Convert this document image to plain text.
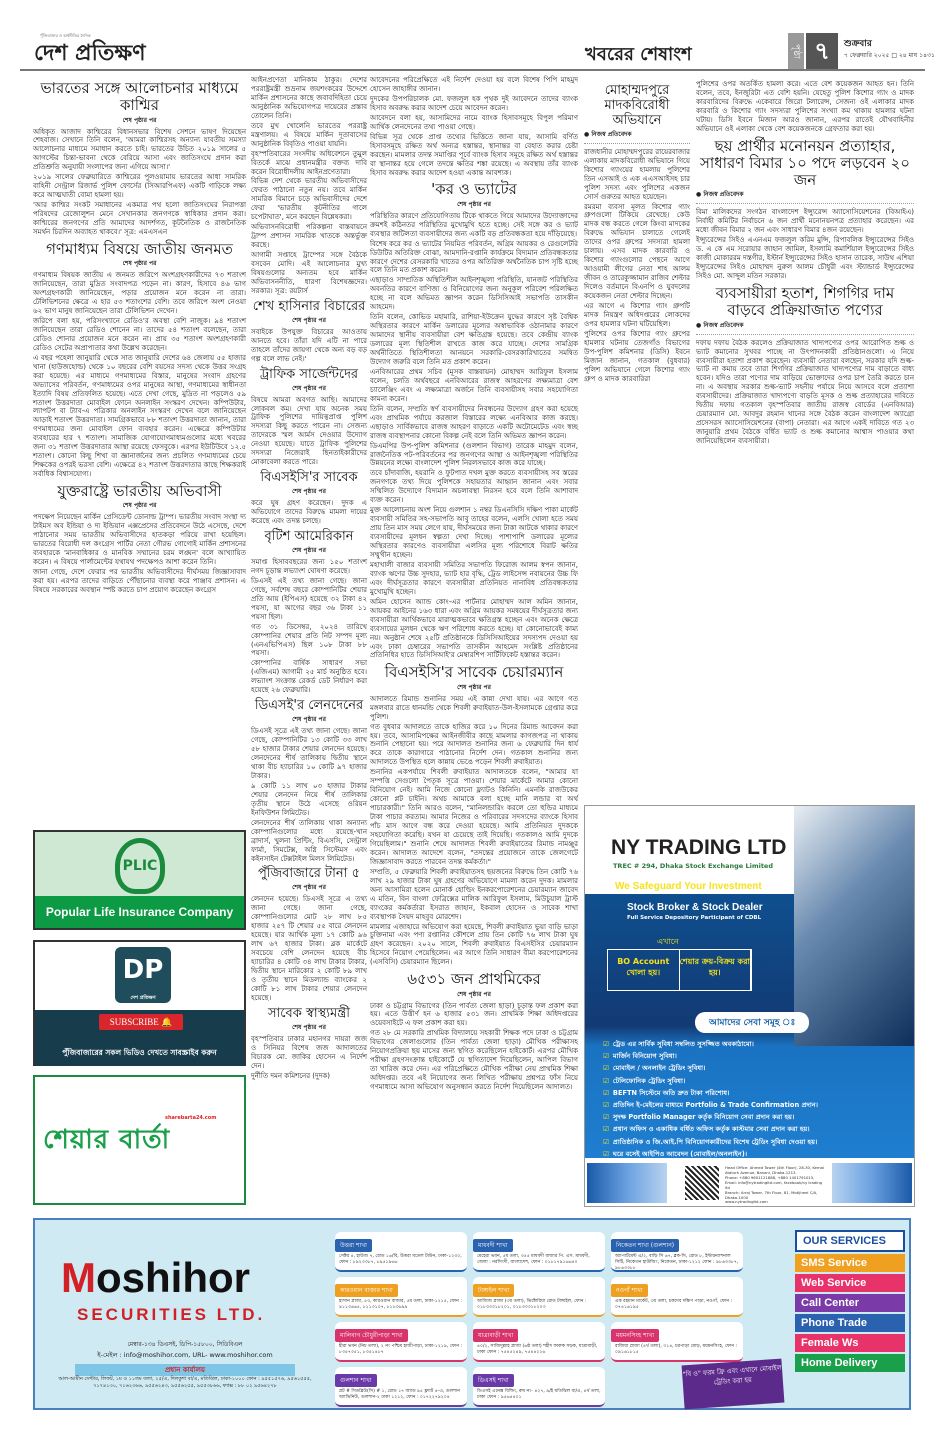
পুঁজিবাজার ও অর্থনীতির দৈনিক
দেশ প্রতিক্ষণ	খবরের শেষাংশ	পৃষ্ঠা ৭	শুক্রবার
৭ ফেব্রুয়ারি ২০২৫ □ ২৪ মাঘ ১৪৩১
ভারতের সঙ্গে আলোচনার মাধ্যমে কাশ্মির
শেষ পৃষ্ঠার পর

অধিকৃত আজাদ কাশ্মিরের বিধানসভার বিশেষ সেশনে ভাষণ দিয়েছেন শেহবাজ। সেখানে তিনি বলেন, 'আমরা কাশ্মিরসহ অন্যান্য যাবতীয় সমস্যা আলোচনার মাধ্যমে সমাধান করতে চাই। ভারতের উচিত ২০১৯ সালের ৫ আগস্টের চিন্তা-ভাবনা থেকে বেরিয়ে আসা এবং জাতিসংঘে প্রদান করা প্রতিশ্রুতি অনুযায়ী সংলাপের জন্য এগিয়ে আসা।'

২০১৯ সালের ফেব্রুয়ারিতে কাশ্মিরের পুলওয়ামায় ভারতের আধা সামরিক বাহিনী সেন্ট্রাল রিজার্ভ পুলিশ ফোর্সের (সিআরপিএফ) একটি গাড়িকে লক্ষ্য করে আত্মঘাতী বোমা হামলা হয়।

'আর কাশ্মির সংকট সমাধানের একমাত্র পথ হলো জাতিসংঘের নিরাপত্তা পরিষদের রেজোলুশন মেনে সেখানকার জনগণকে স্বাধিকার প্রদান করা। কাশ্মিরের জনগণের প্রতি আমাদের আদর্শগত, কূটনৈতিক ও রাজনৈতিক সমর্থন চিরদিন অব্যাহত থাকবে।' সূত্র: এমএসএন

গণমাধ্যম বিষয়ে জাতীয় জনমত
শেষ পৃষ্ঠার পর

গণমাধ্যম বিষয়ক জাতীয় এ জনমত জরিপে অংশগ্রহণকারীদের ৭৩ শতাংশ জানিয়েছেন, তারা মুদ্রিত সংবাদপত্র পড়েন না। কারণ, হিসাবে ৪৬ ভাগ অংশগ্রহণকারী জানিয়েছেন, পড়ার প্রয়োজন মনে করেন না তারা। টেলিভিশনের ক্ষেত্রে এ হার ৫৩ শতাংশের বেশি। তবে জরিপে অংশ নেওয়া ৬২ ভাগ মানুষ জানিয়েছেন তারা টেলিভিশন দেখেন।

জরিপে বলা হয়, পরিসংখ্যানে রেডিও'র অবস্থা বেশি নাজুক। ৯৪ শতাংশ জানিয়েছেন তারা রেডিও শোনেন না। তাদের ৫৪ শতাংশ বলেছেন, তারা রেডিও শোনার প্রয়োজন মনে করেন না। প্রায় ৩৫ শতাংশ অংশগ্রহণকারী রেডিও সেটের অপ্রাপ্যতার কথা উল্লেখ করেছেন।

এ বছর পহেলা জানুয়ারি থেকে সাত জানুয়ারি দেশের ৬৪ জেলায় ৫৫ হাজার খানা (হাউজহোল্ড) থেকে ১০ বছরের বেশি বয়সের সদস্য থেকে উত্তর সংগ্রহ করা হয়েছে। এর মাধ্যমে গণমাধ্যমের বিস্তার, মানুষের সংবাদ গ্রহণের অভ্যাসের পরিবর্তন, গণমাধ্যমের ওপর মানুষের আস্থা, গণমাধ্যমের স্বাধীনতা ইত্যাদি বিষয় প্রতিফলিত হয়েছে। এতে দেখা গেছে, মুদ্রিত না পড়লেও ৫৯ শতাংশ উত্তরদাতা মোবাইল ফোনে অনলাইন সংস্করণ দেখেন। কম্পিউটার, ল্যাপটপ বা ট্যাব-এ পত্রিকার অনলাইন সংস্করণ দেখেন বলে জানিয়েছেন আড়াই শতাংশ উত্তরদাতা। সামগ্রিকভাবে ৮৮ শতাংশ উত্তরদাতা জানান, তারা গণমাধ্যমের জন্য মোবাইল ফোন ব্যবহার করেন। এক্ষেত্রে কম্পিউটার ব্যবহারের হার ৭ শতাংশ। সামাজিক যোগাযোগমাধ্যমগুলোর মধ্যে খবরের জন্য ৩১ শতাংশ উত্তরদাতার আস্থা রয়েছে ফেসবুকে। এরপর ইউটিউবে ১২.৫ শতাংশ। কোনো কিছু শিখা বা জ্ঞানার্জনের জন্য প্রচলিত গণমাধ্যমের চেয়ে শিক্ষকের ওপরই ভরসা বেশি। এক্ষেত্রে ৪২ শতাংশ উত্তরদাতার কাছে শিক্ষকরাই সর্বাধিক বিশ্বাসযোগ্য।

যুক্তরাষ্ট্রে ভারতীয় অভিবাসী
শেষ পৃষ্ঠার পর

পদক্ষেপ নিয়েছেন মার্কিন প্রেসিডেন্ট ডোনাল্ড ট্রাম্প। ভারতীয় সংবাদ সংস্থা দ্য টাইমস অব ইন্ডিয়া ও দ্য ইন্ডিয়ান এক্সপ্রেসের প্রতিবেদনে উঠে এসেছে, দেশে পাঠানোর সময় ভারতীয় অভিবাসীদের হাতকড়া পরিয়ে রাখা হয়েছিল। ভারতের বিরোধী দল কংগ্রেস পার্টির নেতা গৌরভ গোগোই মার্কিন প্রশাসনের ব্যবহারকে 'মানবাধিকার ও মানবিক সম্মানের চরম লঙ্ঘন' বলে আখ্যায়িত করেন। এ বিষয়ে পার্লামেন্টের যথাযথ পদক্ষেপও আশা করেন তিনি।

জানা গেছে, দেশে ফেরার পর ভারতীয় অভিবাসীদের দীর্ঘসময় জিজ্ঞাসাবাদ করা হয়। এরপর তাদের বাড়িতে পৌঁছানোর ব্যবস্থা করে পাঞ্জাব প্রশাসন। এ বিষয়ে সরকারের অবস্থান স্পষ্ট করতে চাপ প্রয়োগ করেছেন কংগ্রেস

আইনপ্রণেতা মানিকাম ঠাকুর। দেশের পররাষ্ট্রমন্ত্রী শুভ্রনাম জয়শংকরের উদ্দেশে মার্কিন প্রশাসনের কাছে জবাবদিহিতা চেয়ে আনুষ্ঠানিক অভিযোগপত্র দায়েরের প্রস্তাব তোলেন তিনি।

তবে মুখ খোলেনি ভারতের পররাষ্ট্র মন্ত্রণালয়। এ বিষয়ে মার্কিন দূতাবাসের আনুষ্ঠানিক বিবৃতিও পাওয়া যায়নি।

বৃহস্পতিবারের সংসদীয় অধিবেশনে তুমুল বিতর্কে মাঝে প্রধানমন্ত্রীর বক্তব্য দাবি করেন বিরোধীদলীয় আইনপ্রণেতারা।

বিভিন্ন দেশ থেকে ভারতীয় অভিবাসীদের ফেরত পাঠানো নতুন নয়। তবে মার্কিন সামরিক বিমানে চড়ে অভিবাসীদের দেশে ফেরা 'ভারতীয় কূটনীতির গালে চপেটাঘাত', মনে করছেন বিশ্লেষকরা।

অভিবাসনবিরোধী পরিকল্পনা বাস্তবায়নে ট্রাম্প প্রশাসন সামরিক খাতকে অন্তর্ভুক্ত করছে।

আগামী সপ্তাহে ট্রাম্পের সঙ্গে বৈঠকে বসবেন মোদি। এই আলোচনার মুখ্য বিষয়গুলোর অন্যতম হবে মার্কিন অভিবাসননীতি, ধারণা বিশেষজ্ঞদের। সরকার। সূত্র: রয়টার্স

শেখ হাসিনার বিচারের
শেষ পৃষ্ঠার পর

সবাইকে উপযুক্ত বিচারের আওতায় আনতে হবে। তাঁরা যদি এটি না পারে তাহলে তাঁদের জায়গা থেকে অন্য বড় বড় গল্প বলে লাভ নেই।'

ট্রাফিক সার্জেন্টদের
শেষ পৃষ্ঠার পর

বিষয়ে আমরা অবগত আছি। আমাদের লোকবল কম। দেখা যায় অনেক সময় ট্রাফিক পুলিশের দায়িত্বপ্রাপ্ত পুলিশ সদস্যরা কিছু করতে পারেন না। সেজন্য তাদেরকে স্মল আর্মস দেওয়ার উদ্যোগ নেওয়া হয়েছে। যাতে ট্রাফিক পুলিশের সদস্যরা নিজেরাই ছিনতাইকারীদের মোকাবেলা করতে পারে।

বিএসইসি'র সাবেক
শেষ পৃষ্ঠার পর

করে ঘুষ গ্রহণ করেছেন। দুদক এ অভিযোগে তাদের বিরুদ্ধে মামলা দায়ের করেছে এবং তদন্ত চলছে।

বৃটিশ আমেরিকান
শেষ পৃষ্ঠার পর

সমাপ্ত হিসাববছরের জন্য ১৫০ শতাংশ নগদ চূড়ান্ত লভ্যাংশ ঘোষণা করেছে।

ডিএসই এই তথ্য জানা গেছে। জানা গেছে, সর্বশেষ বছরে কোম্পানিটির শেয়ার প্রতি আয় (ইপিএস) হয়েছে ৩২ টাকা ৪২ পয়সা, যা আগের বছর ৩৬ টাকা ১১ পয়সা ছিল।

গত ৩১ ডিসেম্বর, ২০২৪ তারিখে কোম্পানির শেয়ার প্রতি নিট সম্পদ মূল্য (এনএভিপিএস) ছিল ১০৮ টাকা ৮৮ পয়সা।

কোম্পানির বার্ষিক সাধারণ সভা (এজিএম) আগামী ২৫ মার্চ অনুষ্ঠিত হবে। লভ্যাংশ সংক্রান্ত রেকর্ড ডেট নির্ধারণ করা হয়েছে ২৬ ফেব্রুয়ারি।

ডিএসই'র লেনদেনের
শেষ পৃষ্ঠার পর

ডিএসই সূত্রে এই তথ্য জানা গেছে। জানা গেছে, কোম্পানিটির ১৩ কোটি ৩৩ লাখ ৫৮ হাজার টাকার শেয়ার লেনদেন হয়েছে। লেনদেনের শীর্ষ তালিকায় দ্বিতীয় স্থানে থাকা বীচ হ্যাচারির ১০ কোটি ৯৭ হাজার টাকার।

৯ কোটি ১১ লাখ ০৩ হাজার টাকার শেয়ার লেনদেন নিয়ে শীর্ষ তালিকার তৃতীয় স্থানে উঠে এসেছে ওরিয়ন ইনফিউশন লিমিটেড।

লেনদেনের শীর্ষ তালিকায় থাকা অন্যান্য কোম্পানিগুলোর মধ্যে রয়েছে-খান ব্রাদার্স, খুলনা প্রিন্টিং, বিএসসি, সেন্ট্রাল ফার্মা, সিমটেক্স, অগ্নি সিস্টেমস এবং কইনসাইন টেক্সটাইল মিলস লিমিটেড।

পুঁজিবাজারে টানা ৫
শেষ পৃষ্ঠার পর

লেনদেন হয়েছে। ডিএসই সূত্রে এ তথ্য জানা গেছে। জানা গেছে, কোম্পানিগুলোর মোট ২৮ লাখ ৮৫ হাজার ২৫৭ টি শেয়ার ৫৫ বারে লেনদেন হয়েছে। যার আর্থিক মূল্য ১৭ কোটি ৯৬ লাখ ৬৭ হাজার টাকা। ব্লক মার্কেটে সবচেয়ে বেশি লেনদেন হয়েছে বীচ হ্যাচারির ৪ কোটি ৩৪ লাখ টাকার টাকার, দ্বিতীয় স্থানে মারিকোর ২ কোটি ৮৯ লাখ ও তৃতীয় স্থানে মিডল্যান্ড ব্যাংকের ২ কোটি ৮১ লাখ টাকার শেয়ার লেনদেন হয়েছে।

সাবেক স্বাস্থ্যমন্ত্রী
শেষ পৃষ্ঠার পর

বৃহস্পতিবার ঢাকার মহানগর দায়রা জজ ও সিনিয়র বিশেষ জজ আদালতের বিচারক মো. জাকির হোসেন এ নির্দেশ দেন।

দুর্নীতি দমন কমিশনের (দুদক)

আবেদনের পরিপ্রেক্ষিতে এই নির্দেশ দেওয়া হয় বলে বিশেষ পিপি মাহমুদ হোসেন জাহাঙ্গীর জানান।

দুদকের উপপরিচালক মো. ফজলুল হক পৃথক দুই আবেদনে তাদের ব্যাংক হিসাব অবরুদ্ধ করার আদেশ চেয়ে আবেদন করেন।

আবেদনে বলা হয়, আসামিদের নামে ব্যাংক হিসাবসমূহে বিপুল পরিমাণ আর্থিক লেনদেনের তথ্য পাওয়া গেছে।

বিভিন্ন সূত্র থেকে প্রাপ্ত তথ্যের ভিত্তিতে জানা যায়, আসামি বর্ণিত হিসাবসমূহে রক্ষিত অর্থ অন্যত্র হস্তান্তর, স্থানান্তর বা বেহাত করার চেষ্টা করছেন। মামলার তদন্ত সমাপ্তির পূর্বে ব্যাংক হিসাব সমূহে রক্ষিত অর্থ হস্তান্তর বা স্থানান্তর হয়ে গেলে তদন্তে ক্ষতির শঙ্কা রয়েছে। এ অবস্থায় তাঁর ব্যাংক হিসাব অবরুদ্ধ করার আদেশ হওয়া একান্ত আবশ্যক।

'কর ও ভ্যাটের
শেষ পৃষ্ঠার পর

পরিস্থিতির কারণে প্রতিযোগিতায় টিকে থাকতে গিয়ে আমাদের উদ্যোক্তাদের ক্রমশই কঠিনতর পরিস্থিতির মুখোমুখি হতে হচ্ছে। সেই সঙ্গে কর ও ভ্যাট ব্যবস্থার জটিলতা ব্যবসায়ীদের জন্য একটি বড় প্রতিবন্ধকতা হয়ে দাঁড়িয়েছে।

বিশেষ করে কর ও ভ্যাটের নিয়মিত পরিবর্তন, অগ্রিম আয়কর ও রেগুলেটরি ডিউটির অতিরিক্ত বোঝা, আমদানি-রপ্তানি কার্যক্রমে বিদ্যমান প্রতিবন্ধকতার কারণে দেশের বেসরকারি খাতের ওপর অতিরিক্ত অর্থনৈতিক চাপ সৃষ্টি হচ্ছে বলে তিনি মত প্রকাশ করেন।

এছাড়াও সাম্প্রতিক অস্থিতিশীল আইনশৃঙ্খলা পরিস্থিতি, যানজট পরিস্থিতির অবনতির কারণে বাণিজ্য ও বিনিয়োগের জন্য অনুকূল পরিবেশ পরিলক্ষিত হচ্ছে না বলে অভিমত জ্ঞাপন করেন ডিসিসিআই সভাপতি তাসকীন আহমেদ।

তিনি বলেন, কোভিড মহামারি, রাশিয়া-ইউক্রেন যুদ্ধের কারণে সৃষ্ট বৈশ্বিক অস্থিরতার কারণে মার্কিন ডলারের মূল্যের অস্বাভাবিক ওঠানামার কারণে আমাদের স্থানীয় ব্যবসায়ীরা বেশ ক্ষতিগ্রস্ত হয়েছে। তবে কেন্দ্রীয় ব্যাংক ডলারের মূল্য স্থিতিশীল রাখতে কাজ করে যাচ্ছে। দেশের সামগ্রিক অর্থনীতিতে স্থিতিশীলতা আনয়নে সরকারি-বেসরকারিখাতের সমন্বিত উদ্যোগ জরুরি বলে তিনি মত প্রকাশ করেন।

এনবিআরের প্রথম সচিব (মূসক বাস্তবায়ন) মোহাম্মদ আরিফুল ইসলাম বলেন, চলতি অর্থবছরে এনবিআরের রাজস্ব আহরণের লক্ষ্যমাত্রা বেশ চ্যালেঞ্জিং এবং এ লক্ষ্যমাত্রা অর্জনে তিনি ব্যবসায়ীসহ সবার সহযোগিতা কামনা করেন।

তিনি বলেন, সম্প্রতি স্বর্ণ ব্যবসায়ীদের নিবন্ধনের উদ্যোগ গ্রহণ করা হয়েছে এবং প্রাথমিক পর্যায়ে করজাল বিস্তারের লক্ষ্যে এনবিআর কাজ করছে। এছাড়াও সার্বিকভাবে রাজস্ব আহরণ বাড়াতে একটি অটোমেটেড এবং স্বচ্ছ রাজস্ব ব্যবস্থাপনার কোনো বিকল্প নেই বলে তিনি অভিমত জ্ঞাপন করেন।

ডিএমপির উপ-পুলিশ কমিশনার (গুলশান বিভাগ) তারেক মাহমুদ বলেন, রাজনৈতিক পট-পরিবর্তনের পর জনগণের আস্থা ও আইনশৃঙ্খলা পরিস্থিতির উন্নয়নের লক্ষ্যে বাংলাদেশ পুলিশ নিরলসভাবে কাজ করে যাচ্ছে।

তবে চাঁদাবাজি, হয়রানি ও ফুটপাত দখল মুক্ত করতে ব্যবসায়ীসহ সব স্তরের জনগণকে তথ্য দিয়ে পুলিশকে সহায়তার আহ্বান জানান এবং সবার সম্মিলিত উদ্যোগে বিদ্যমান অচলাবস্থা নিরসন হবে বলে তিনি আশাবাদ ব্যক্ত করেন।

মুক্ত আলোচনায় অংশ নিয়ে গুলশান ১ নম্বর ডিএনসিসি দক্ষিণ পাকা মার্কেট ব্যবসায়ী সমিতির সহ-সভাপতি আবু তাহের বলেন, এলসি খোলা হতে সময় প্রায় তিন মাস সময় লেগে যায়, দীর্ঘসময়ের জন্য টাকা আটকে থাকার কারণে ব্যবসায়ীদের মূলধন স্বল্পতা দেখা দিচ্ছে। পাশাপাশি ডলারের মূল্যের অস্থিরতার কারণেও ব্যবসায়ীরা এলসির মূল্য পরিশোধে বিরাট ক্ষতির সম্মুখীন হচ্ছেন।

মহাখালী বাজার ব্যবসায়ী সমিতির সভাপতি ফিরোজ আলম স্বপন জানান, ব্যাংক ঋণের উচ্চ সুদহার, ভ্যাট হার বৃদ্ধি, ট্রেড লাইসেন্স নবায়নের উচ্চ ফি এবং দীর্ঘসূত্রতার কারণে ব্যবসায়ীরা প্রতিনিয়ত নানাবিধ প্রতিবন্ধকতার মুখোমুখি হচ্ছেন।

অমিন হোসেন অ্যান্ড কোং-এর পার্টনার মোহাম্মদ আল অমিন জানান, আয়কর আইনের ১৬৩ ধারা এবং অগ্রিম আয়কর সমন্বয়ের দীর্ঘসূত্রতার জন্য ব্যবসায়ীরা আর্থিকভাবে মারাত্মকভাবে ক্ষতিগ্রস্ত হচ্ছেন এবং অনেক ক্ষেত্রে ব্যবসায়ের মূলধন থেকে ঋণ পরিশোধ করতে হচ্ছে। যা কোনোভাবেই কাম্য নয়। অনুষ্ঠান শেষে ২৫টি প্রতিষ্ঠানকে ডিসিসিআইয়ের সদস্যপদ দেওয়া হয় এবং ঢাকা চেম্বারের সভাপতি তাসকীন আহমেদ সংশ্লিষ্ট প্রতিষ্ঠানের প্রতিনিধির হাতে ডিসিসিআই'র মেম্বারশিপ সার্টিফিকেট হস্তান্তর করেন।

বিএসইসি'র সাবেক চেয়ারম্যান
শেষ পৃষ্ঠার পর

আদালতে রিমান্ড শুনানির সময় এই কান্না দেখা যায়। এর আগে গত মঙ্গলবার রাতে ধানমন্ডি থেকে শিবলী রুবাইয়াত-উল-ইসলামকে গ্রেপ্তার করে পুলিশ।

গত বুধবার আদালতে তাকে হাজির করে ১০ দিনের রিমান্ড আবেদন করা হয়। তবে, আসামিপক্ষের আইনজীবীর কাছে মামলার কাগজপত্র না থাকায় শুনানি পেছানো হয়। পরে আদালত শুনানির জন্য ৬ ফেব্রুয়ারি দিন ধার্য করে তাকে কারাগারে পাঠানোর নির্দেশ দেন। গতকাল শুনানির জন্য আদালতে উপস্থিত হলে কান্নায় ভেঙে পড়েন শিবলী রুবাইয়াত।

শুনানির একপর্যায়ে শিবলী রুবাইয়াত আদালতকে বলেন, "আমার যা সম্পত্তি সেগুলো পৈতৃক সূত্রে পাওয়া। শেয়ার মার্কেটে আমার কোনো বিনিয়োগ নেই। আমি নিজে কোনো ফ্ল্যাটও কিনিনি। এমনকি রাজউকের কোনো প্লট চাইনি। অথচ আমাকে বলা হচ্ছে মানি লন্ডার বা অর্থ পাচারকারী।" তিনি আরও বলেন, "মানিলন্ডারিং করলে তো হুন্ডির মাধ্যমে টাকা পাচার করতাম। আমার নিজের ও পরিবারের সদস্যদের ব্যাংকে হিসাব পাঁচ মাস আগে বন্ধ করে দেওয়া হয়েছে। আমি প্রতিনিয়ত দুদককে সহযোগিতা করেছি। যখন যা চেয়েছে তাই দিয়েছি। গতকালও আমি দুদকে গিয়েছিলাম।" শুনানি শেষে আদালত শিবলী রুবাইয়াতের রিমান্ড নামঞ্জুর করেন। আদালত আদেশে বলেন, "তদন্তের প্রয়োজনে তাকে জেলগেটে জিজ্ঞাসাবাদ করতে পারবেন তদন্ত কর্মকর্তা।"

সম্প্রতি, ৫ ফেব্রুয়ারি শিবলী রুবাইয়াতসহ ছয়জনের বিরুদ্ধে তিন কোটি ৭৬ লাখ ২৯ হাজার টাকা ঘুষ গ্রহণের অভিযোগে মামলা করেন দুদক। মামলার অন্য আসামিরা হলেন মোনার্ক হোল্ডিং ইনকরপোরেশনের চেয়ারম্যান জাবেদ এ মতিন, বিন বাংলা ফেব্রিক্সের মালিক আরিফুল ইসলাম, মিউচুয়াল ট্রাস্ট ব্যাংকের কর্মকর্তারা ইসরাত জাহান, ইকবাল হোসেন ও সাবেক শাখা ব্যবস্থাপক সৈয়দ মাহবুব মোরশেদ।

মামলার এজাহারে অভিযোগ করা হয়েছে, শিবলী রুবাইয়াত ভুয়া বাড়ি ভাড়া চুক্তিনামা এবং পণ্য রপ্তানির কৌশলে প্রায় তিন কোটি ৭৬ লাখ টাকা ঘুষ গ্রহণ করেছেন। ২০২০ সালে, শিবলী রুবাইয়াত বিএসইসির চেয়ারম্যান হিসেবে নিয়োগ পেয়েছিলেন। এর আগে তিনি সাধারণ বীমা করপোরেশনের (এসবিসি) চেয়ারম্যান ছিলেন।

৬৫৩১ জন প্রাথমিকের
শেষ পৃষ্ঠার পর

ঢাকা ও চট্টগ্রাম বিভাগের (তিন পার্বত্য জেলা ছাড়া) চূড়ান্ত ফল প্রকাশ করা হয়। এতে উত্তীর্ণ হন ৬ হাজার ৫৩১ জন। প্রাথমিক শিক্ষা অধিদপ্তরের ওয়েবসাইটে এ ফল প্রকাশ করা হয়।

গত ২৮ মে সরকারি প্রাথমিক বিদ্যালয়ে সহকারী শিক্ষক পদে ঢাকা ও চট্টগ্রাম বিভাগের জেলাগুলোর (তিন পার্বত্য জেলা ছাড়া) মৌখিক পরীক্ষাসহ নিয়োগপ্রক্রিয়া ছয় মাসের জন্য স্থগিত করেছিলেন হাইকোর্ট। এরপর মৌখিক পরীক্ষা গ্রহণসংক্রান্ত হাইকোর্টে যে স্থগিতাদেশ দিয়েছিলেন, আপিল বিভাগ তা খারিজ করে দেন। এর পরিপ্রেক্ষিতে মৌখিক পরীক্ষা নেয় প্রাথমিক শিক্ষা অধিদপ্তর। তবে এই নিয়োগের জন্য লিখিত পরীক্ষায় প্রশ্নপত্র ফাঁস নিয়ে গণমাধ্যমে আসা অভিযোগ অনুসন্ধান করতে নির্দেশ দিয়েছিলেন আদালত।

মোহাম্মদপুরে মাদকবিরোধী অভিযানে
● নিজস্ব প্রতিবেদক

রাজধানীর মোহাম্মদপুরের রায়েরবাজার এলাকায় মাদকবিরোধী অভিযানে গিয়ে কিশোর গ্যাংয়ের হামলায় পুলিশের তিন এসআই ও এক এএসআইসহ চার পুলিশ সদস্য এবং পুলিশের একজন সোর্স গুরুতর আহত হয়েছেন।

রমরমা ব্যবসা মূলত কিশোর গ্যাং গ্রুপগুলো টিকিয়ে রেখেছে। কেউ মাদক বন্ধ করতে গেলে কিংবা মাদকের বিরুদ্ধে অভিযান চালাতে গেলেই তাদের ওপর গ্রুপের সদস্যরা হামলা চালায়। এসব মাদক কারবারি ও কিশোর গ্যাংগুলোর পেছনে আগে আওয়ামী লীগের নেতা শাহ আলম জীবন ও তারেকুজ্জামান রাজিব শেল্টার দিলেও বর্তমানে বিএনপি ও যুবদলের কয়েকজন নেতা শেল্টার দিচ্ছেন।

এর আগে এ কিশোর গ্যাং গ্রুপটি মাদক নিয়ন্ত্রণ অধিদপ্তরের লোকদের ওপর হামলার ঘটনা ঘটিয়েছিল।

পুলিশের ওপর কিশোর গ্যাং গ্রুপের হামলার ঘটনায় তেজগাঁও বিভাগের উপ-পুলিশ কমিশনার (ডিসি) ইবনে মিজান জানান, গতকাল (বুধবার) পুলিশ অভিযানে গেলে কিশোর গ্যাং গ্রুপ ও মাদক কারবারিরা

পুলিশের ওপর অতর্কিত হামলা করে। এতে বেশ কয়েকজন আহত হন। তিনি বলেন, তবে, ইনজুরিটা এত বেশি হয়নি। যেহেতু পুলিশ কিশোর গ্যাং ও মাদক কারবারিদের বিরুদ্ধে একেবারে জিরো টলারেন্স, সেজন্য ওই এলাকার মাদক কারবারি ও কিশোর গ্যাং সদস্যরা পুলিশের সংখ্যা কম থাকায় হামলার ঘটনা ঘটায়। ডিসি ইবনে মিজান আরও জানান, এরপর রাতেই যৌথবাহিনীর অভিযানে ওই এলাকা থেকে বেশ কয়েকজনকে গ্রেফতার করা হয়।

ছয় প্রার্থীর মনোনয়ন প্রত্যাহার, সাধারণ বিমার ১০ পদে লড়বেন ২০ জন
● নিজস্ব প্রতিবেদক

বিমা মালিকদের সংগঠন বাংলাদেশ ইন্স্যুরেন্স অ্যাসোসিয়েশনের (বিআইএ) নির্বাহী কমিটির নির্বাচনে ৬ জন প্রার্থী মনোনয়নপত্র প্রত্যাহার করেছেন। এর মধ্যে জীবন বিমার ২ জন এবং সাধারণ বিমার ৪জন রয়েছেন।

ইন্স্যুরেন্সের সিইও এএনএম ফজলুল করিম মুন্সি, রিপাবলিক ইন্স্যুরেন্সের সিইও ড. এ কে এম সরোয়ার জাহান জামিল, ইসলামি কমার্শিয়াল ইন্স্যুরেন্সের সিইও কাজী মোকাররম দস্তগীর, ইস্টার্ন ইন্স্যুরেন্সের সিইও হাসান তারেক, সাউথ এশিয়া ইন্স্যুরেন্সের সিইও মোহাম্মদ নুরুল আলম চৌধুরী এবং স্ট্যান্ডার্ড ইন্স্যুরেন্সের সিইও মো. আব্দুল মতিন সরকার।

ব্যবসায়ীরা হতাশ, শিগগির দাম বাড়বে প্রক্রিয়াজাত পণ্যের
● নিজস্ব প্রতিবেদক

দফায় দফায় বৈঠক করলেও প্রক্রিয়াজাত খাদ্যপণ্যের ওপর আরোপিত শুল্ক ও ভ্যাট কমানোর সুখবর পাচ্ছে না উৎপাদনকারী প্রতিষ্ঠানগুলো। এ নিয়ে ব্যবসায়ীরা হতাশা প্রকাশ করেছেন। ব্যবসায়ী নেতারা বলছেন, সরকার যদি শুল্ক-ভ্যাট না কমায় তবে তারা শিগগির প্রক্রিয়াজাত খাদ্যপণ্যের দাম বাড়াতে বাধ্য হবেন। যদিও তারা পণ্যের দাম বাড়িয়ে ভোক্তাদের ওপর চাপ তৈরি করতে চান না। এ অবস্থায় সরকার শুল্ক-ভ্যাট সহনীয় পর্যায়ে নিয়ে আসবে বলে প্রত্যাশা ব্যবসায়ীদের। প্রক্রিয়াজাত খাদ্যপণ্যে বাড়তি মূসক ও শুল্ক প্রত্যাহারের দাবিতে দ্বিতীয় দফায় গতকাল বৃহস্পতিবার জাতীয় রাজস্ব বোর্ডের (এনবিআর) চেয়ারম্যান মো. আবদুর রহমান খানের সঙ্গে বৈঠক করেন বাংলাদেশ অ্যাগ্রো প্রসেসরস অ্যাসোসিয়েশনের (বাপা) নেতারা। এর আগে একই দাবিতে গত ২৩ জানুয়ারি প্রথম বৈঠকে বর্ধিত ভ্যাট ও শুল্ক কমানোর আশ্বাস পাওয়ার কথা জানিয়েছিলেন ব্যবসায়ীরা।

PLIC
Popular Life Insurance Company
DP
দেশ প্রতিক্ষণ
SUBSCRIBE 🔔
পুঁজিবাজারের সকল ভিডিও দেখতে সাবস্ক্রাইব করুন
sharebarta24.com
শেয়ার বার্তা
NY TRADING LTD
TREC # 294, Dhaka Stock Exchange Limited
We Safeguard Your Investment
Stock Broker & Stock Dealer
Full Service Depository Participant of CDBL
এখানে
BO Account খোলা হয়।
শেয়ার ক্রয়-বিক্রয় করা হয়।
আমাদের সেবা সমূহ ঃ
☑ ট্রেড এর সার্বিক সুবিধা সম্বলিত সুসজ্জিত অবকাঠামো।
☑ মার্জিন বিনিয়োগ সুবিধা।
☑ মোবাইল / অনলাইন ট্রেডিং সুবিধা।
☑ টেলিফোনিক ট্রেডিং সুবিধা।
☑ BEFTN সিস্টেমে অতি দ্রুত টাকা পরিশোধ।
☑ প্রতিদিন ই-মেইলের মাধ্যমে Portfolio & Trade Confirmation প্রদান।
☑ সুদক্ষ Portfolio Manager কর্তৃক বিনিয়োগ সেবা প্রদান করা হয়।
☑ প্রধান অফিস ও একাধিক বর্ধিত অফিস কর্তৃক কাস্টমার সেবা প্রদান করা হয়।
☑ প্রাতিষ্ঠানিক ও জি.আই.পি বিনিয়োগকারীদের বিশেষ ট্রেডিং সুবিধা দেওয়া হয়।
☑ ঘরে বসেই আইপিও আবেদন (মোবাইল/অনলাইন)।
Head Office: Ahmed Tower (4th Floor), 28-30, Kemal Ataturk Avenue, Banani, Dhaka-1213.
Phone: +880 9601121888, +880 1401791015,
Email: info@nytradingltd.com, facebook/ny trading ltd
Branch: Arraj Tower, 7th Floor, 81, Motijheel C/A, Dhaka-1000
www.nytradingltd.com
Moshihor
SECURITIES LTD.
মেম্বার-১৩৪ ডিএসই, ডিপি-১৫৮০০, সিডিবিএল
ই-মেইল : info@moshihor.com, URL- www.moshihor.com
প্রধান কার্যালয়
আল-আমীন সেন্টার, লিফট, ১ম ও ১১তম তলা, ২৫/এ, দিলকুশা বা/এ, মতিঝিল, ঢাকা-১০০০ ফোন : ৯৫৫১৫৭৬, ৯৫৬১৫৫৫, ৭১৭৪১৩০, ৭১৬২৩৬৬, ৯৫৫৬২৪৩, ৯৫৫৬২৫৫, ৯৫৫৩৮৬৬, ফ্যাক্স : ৮৮ ০২ ৯৫৬৪২৭৮
উত্তরা শাখা
সেক্টর ৪, হাউজ ৭, রোড ১৬/বি, উত্তরা মডেল টাউন, ঢাকা-১২৩০, ফোন : ৮৯২৩৩৮৭, ৮৯৫১৯৬৬
কারওয়ান বাজার শাখা
হাসান প্লাজা, ৫৩, কারওয়ান বাজার, ৫ম তলা, ঢাকা-১২১৫, ফোন : ৯১১৩৬৬৫, ৮১১৩১০৭, ৮১৮৩৬৯৯
মালিবাগ চৌধুরীপাড়া শাখা
হীরা ভবন (নিচ তলা), ২ নং পশ্চিম হাজীপাড়া, ঢাকা-১২১৯, ফোন : ৮৩৫৭৩৫১, ৮৩৫১৪৮৭
গুলশান শাখা
প্লট # সিডব্লিউ(সি) # ১, রোড ১৭ অ্যাড ৯৫ ফ্ল্যাট ৪-এ, গুলশান অ্যাভিনিউ, গুলশান-২ ঢাকা ১২১২, ফোন : ০১৭২২৭৯২০৪
মাধবদী শাখা
মেহেরা ভবন, ৫ম তলা, ৩৫৫ মাধবদী বাজার পি. এস. মাধবদী, জেলা : নরসিংদী, বাংলাদেশ, ফোন : ০১৮১৭৯১৬৬৪০
টাঙ্গাইল শাখা
আজিজ প্লাজা (৩য় তলা), ভিক্টোরিয়া রোড টাঙ্গাইল, ফোন : ০১৮৩৩৩১৮২০১, ০১৮৩৩৩১৮২০৩
যাত্রাবাড়ী শাখা
৪০/২, সাজিদুল্লাহ প্লাজা (৬ষ্ঠ তলা) শহীদ ফারুক সড়ক, যাত্রাবাড়ী, ঢাকা ফোন : ৭৫৪৫২৪৯, ৭৫৪৪২২৬
ডিএসই শাখা
ডিএসই এনেক্স বিল্ডিং, রুম নং- ৪২৭, ৯/ই মতিঝিল বা/এ, ৪র্থ তলা, ঢাকা ফোন : ৯৫৬৪৪০১
নিকেতন শাখা (গুলশান)
অ্যাপার্টমেন্ট এ/২, বাড়ি সি ৬৭, ব্লক-সি, রোড ৮, ইন্টারন্যাশনাল সিটি, নিকেতন হাউজিং, নিকেতন, ঢাকা-১২১২ ফোন : ৯৮৬৩৩৮৭, ৯৮৬৩৩৮৮
নওগাঁ শাখা
এক রহমান মার্কেট, ৩য় তলা, চকদেব দক্ষিণ পাড়া, নওগাঁ, ফোন : ০৭৪১৬১৯৫
ময়মনসিংহ শাখা
রাজিয়া প্লাজা (৪র্থ তলা), ৩১৪, চরপাড়া মোড়, ময়মনসিংহ, ফোন : ০৯১৬১৮১৫
"বি ও" ফরম ফ্রি এবং এখানে মোবাইল ট্রেডিং করা হয়
OUR SERVICES
SMS Service
Web Service
Call Center
Phone Trade
Female Ws
Home Delivery
